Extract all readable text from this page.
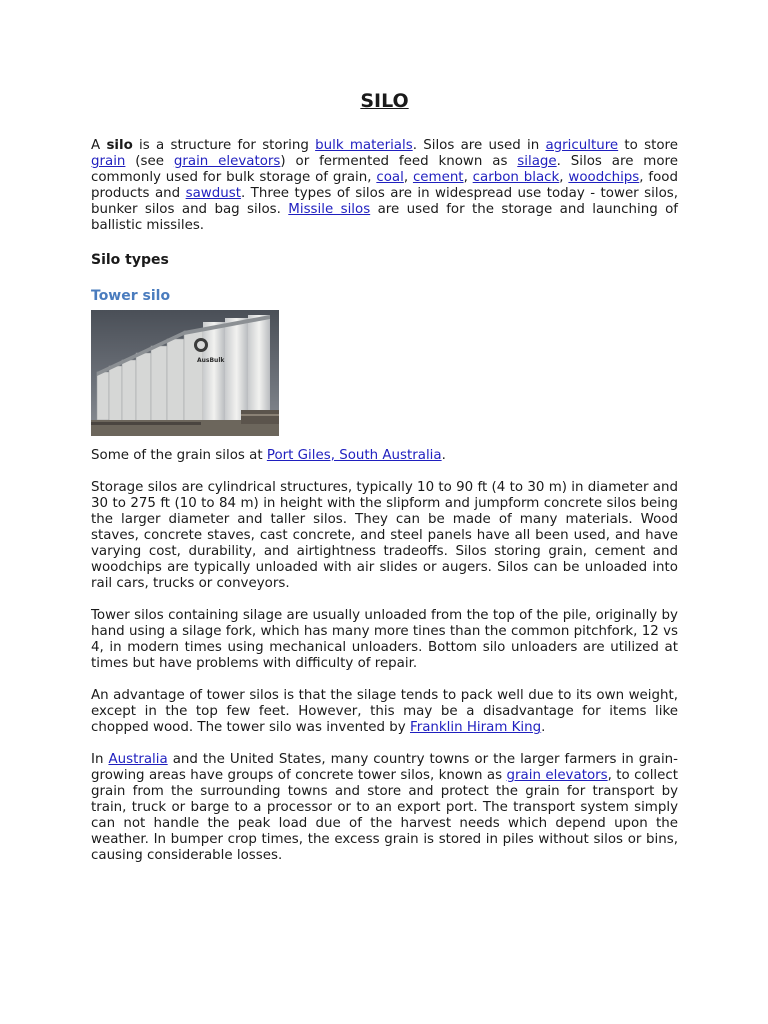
SILO

A silo is a structure for storing bulk materials. Silos are used in agriculture to store grain (see grain elevators) or fermented feed known as silage. Silos are more commonly used for bulk storage of grain, coal, cement, carbon black, woodchips, food products and sawdust. Three types of silos are in widespread use today - tower silos, bunker silos and bag silos. Missile silos are used for the storage and launching of ballistic missiles.

Silo types
Tower silo
AusBulk

Some of the grain silos at Port Giles, South Australia.

Storage silos are cylindrical structures, typically 10 to 90 ft (4 to 30 m) in diameter and 30 to 275 ft (10 to 84 m) in height with the slipform and jumpform concrete silos being the larger diameter and taller silos. They can be made of many materials. Wood staves, concrete staves, cast concrete, and steel panels have all been used, and have varying cost, durability, and airtightness tradeoffs. Silos storing grain, cement and woodchips are typically unloaded with air slides or augers. Silos can be unloaded into rail cars, trucks or conveyors.

Tower silos containing silage are usually unloaded from the top of the pile, originally by hand using a silage fork, which has many more tines than the common pitchfork, 12 vs 4, in modern times using mechanical unloaders. Bottom silo unloaders are utilized at times but have problems with difficulty of repair.

An advantage of tower silos is that the silage tends to pack well due to its own weight, except in the top few feet. However, this may be a disadvantage for items like chopped wood. The tower silo was invented by Franklin Hiram King.

In Australia and the United States, many country towns or the larger farmers in grain-growing areas have groups of concrete tower silos, known as grain elevators, to collect grain from the surrounding towns and store and protect the grain for transport by train, truck or barge to a processor or to an export port. The transport system simply can not handle the peak load due of the harvest needs which depend upon the weather. In bumper crop times, the excess grain is stored in piles without silos or bins, causing considerable losses.
